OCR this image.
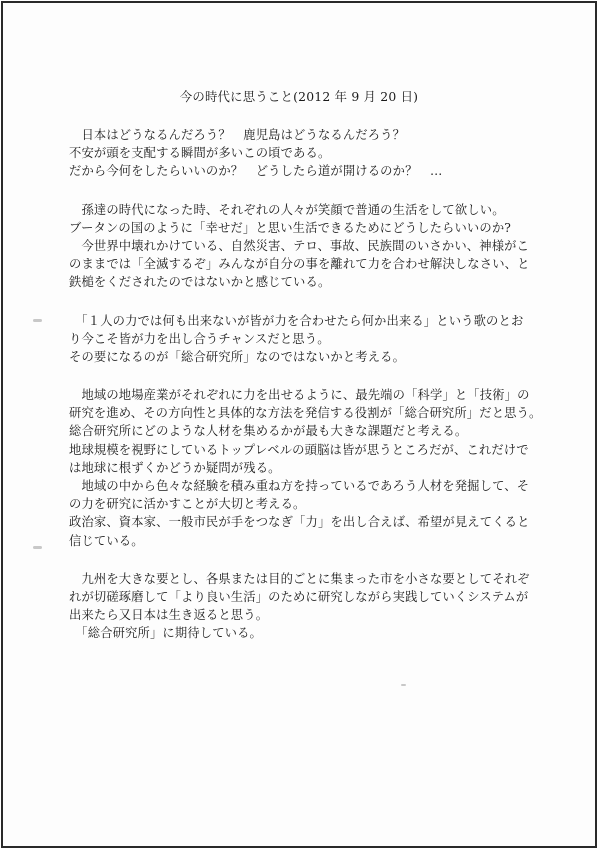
今の時代に思うこと(2012 年 9 月 20 日)
　日本はどうなるんだろう？　鹿児島はどうなるんだろう？
不安が頭を支配する瞬間が多いこの頃である。
だから今何をしたらいいのか？　どうしたら道が開けるのか？　…
　孫達の時代になった時、それぞれの人々が笑顔で普通の生活をして欲しい。
ブータンの国のように「幸せだ」と思い生活できるためにどうしたらいいのか?
　今世界中壊れかけている、自然災害、テロ、事故、民族間のいさかい、神様がこ
のままでは「全滅するぞ」みんなが自分の事を離れて力を合わせ解決しなさい、と
鉄槌をくだされたのではないかと感じている。
　「１人の力では何も出来ないが皆が力を合わせたら何か出来る」という歌のとお
り今こそ皆が力を出し合うチャンスだと思う。
その要になるのが「総合研究所」なのではないかと考える。
　地域の地場産業がそれぞれに力を出せるように、最先端の「科学」と「技術」の
研究を進め、その方向性と具体的な方法を発信する役割が「総合研究所」だと思う。
総合研究所にどのような人材を集めるかが最も大きな課題だと考える。
地球規模を視野にしているトップレベルの頭脳は皆が思うところだが、これだけで
は地球に根ずくかどうか疑問が残る。
　地域の中から色々な経験を積み重ね方を持っているであろう人材を発掘して、そ
の力を研究に活かすことが大切と考える。
政治家、資本家、一般市民が手をつなぎ「力」を出し合えば、希望が見えてくると
信じている。
　九州を大きな要とし、各県または目的ごとに集まった市を小さな要としてそれぞ
れが切磋琢磨して「より良い生活」のために研究しながら実践していくシステムが
出来たら又日本は生き返ると思う。
　「総合研究所」に期待している。
